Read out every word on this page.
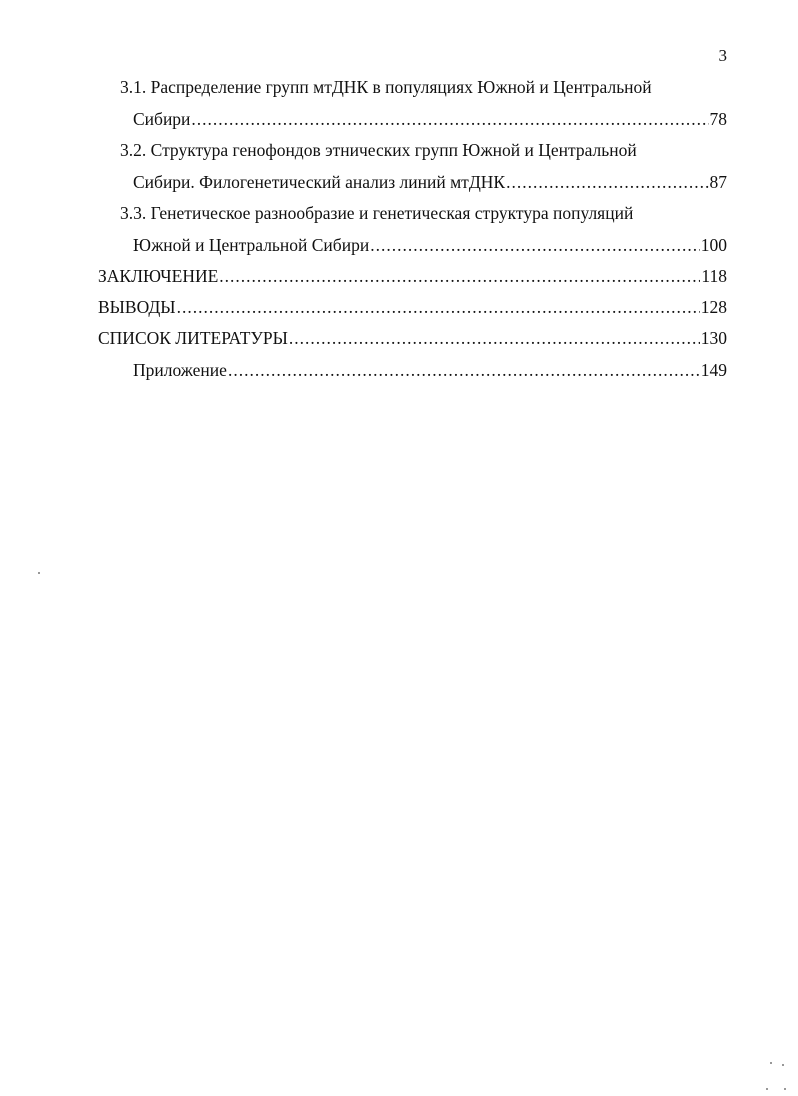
3
3.1. Распределение групп мтДНК в популяциях Южной и Центральной
Сибири .....	78
3.2. Структура генофондов этнических групп Южной и Центральной
Сибири. Филогенетический анализ линий мтДНК .....	87
3.3. Генетическое разнообразие и генетическая структура популяций
Южной и Центральной Сибири .....	100
ЗАКЛЮЧЕНИЕ .....	118
ВЫВОДЫ .....	128
СПИСОК ЛИТЕРАТУРЫ .....	130
Приложение .....	149
